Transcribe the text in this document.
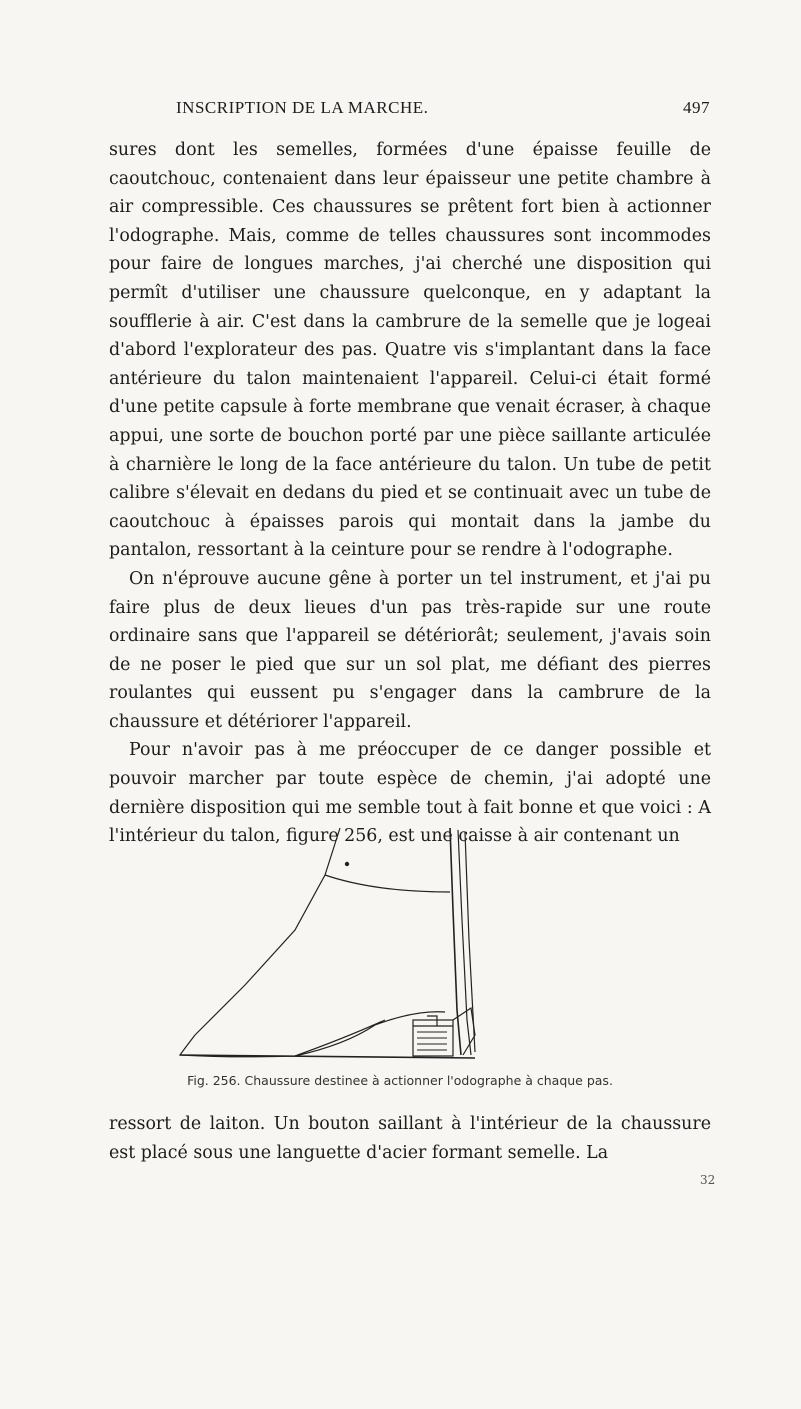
INSCRIPTION DE LA MARCHE.	497

sures dont les semelles, formées d'une épaisse feuille de caoutchouc, contenaient dans leur épaisseur une petite chambre à air compressible. Ces chaussures se prêtent fort bien à actionner l'odographe. Mais, comme de telles chaussures sont incommodes pour faire de longues marches, j'ai cherché une disposition qui permît d'utiliser une chaussure quelconque, en y adaptant la soufflerie à air. C'est dans la cambrure de la semelle que je logeai d'abord l'explorateur des pas. Quatre vis s'implantant dans la face antérieure du talon maintenaient l'appareil. Celui-ci était formé d'une petite capsule à forte membrane que venait écraser, à chaque appui, une sorte de bouchon porté par une pièce saillante articulée à charnière le long de la face antérieure du talon. Un tube de petit calibre s'élevait en dedans du pied et se continuait avec un tube de caoutchouc à épaisses parois qui montait dans la jambe du pantalon, ressortant à la ceinture pour se rendre à l'odographe.

On n'éprouve aucune gêne à porter un tel instrument, et j'ai pu faire plus de deux lieues d'un pas très-rapide sur une route ordinaire sans que l'appareil se détériorât; seulement, j'avais soin de ne poser le pied que sur un sol plat, me défiant des pierres roulantes qui eussent pu s'engager dans la cambrure de la chaussure et détériorer l'appareil.

Pour n'avoir pas à me préoccuper de ce danger possible et pouvoir marcher par toute espèce de chemin, j'ai adopté une dernière disposition qui me semble tout à fait bonne et que voici : A l'intérieur du talon, figure 256, est une caisse à air contenant un

Fig. 256. Chaussure destinee à actionner l'odographe à chaque pas.

ressort de laiton. Un bouton saillant à l'intérieur de la chaussure est placé sous une languette d'acier formant semelle. La

32
